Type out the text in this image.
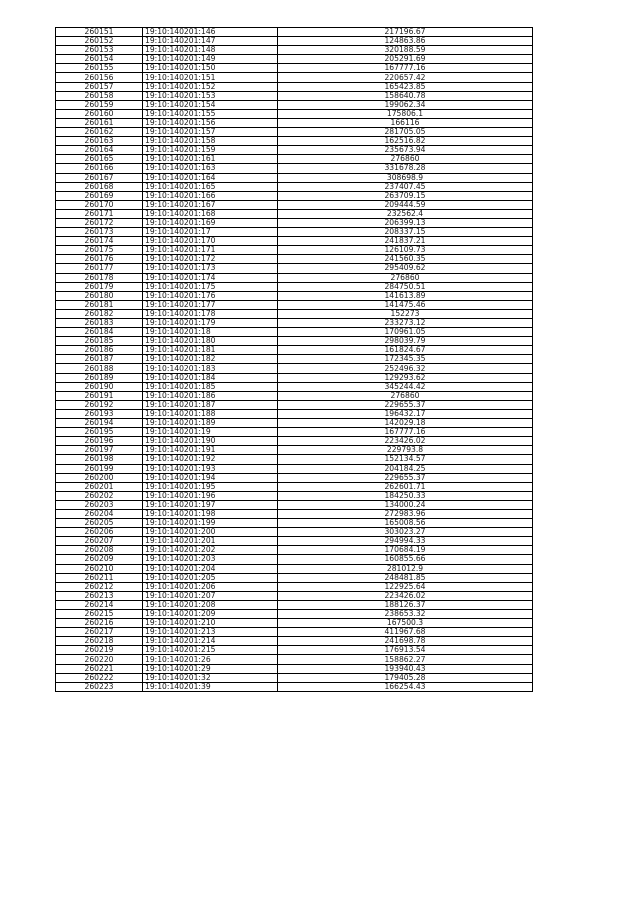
260151	19:10:140201:146	217196.67
260152	19:10:140201:147	124863.86
260153	19:10:140201:148	320188.59
260154	19:10:140201:149	205291.69
260155	19:10:140201:150	167777.16
260156	19:10:140201:151	220657.42
260157	19:10:140201:152	165423.85
260158	19:10:140201:153	158640.78
260159	19:10:140201:154	199062.34
260160	19:10:140201:155	175806.1
260161	19:10:140201:156	166116
260162	19:10:140201:157	281705.05
260163	19:10:140201:158	162516.82
260164	19:10:140201:159	235673.94
260165	19:10:140201:161	276860
260166	19:10:140201:163	331678.28
260167	19:10:140201:164	308698.9
260168	19:10:140201:165	237407.45
260169	19:10:140201:166	263709.15
260170	19:10:140201:167	209444.59
260171	19:10:140201:168	232562.4
260172	19:10:140201:169	206399.13
260173	19:10:140201:17	208337.15
260174	19:10:140201:170	241837.21
260175	19:10:140201:171	126109.73
260176	19:10:140201:172	241560.35
260177	19:10:140201:173	295409.62
260178	19:10:140201:174	276860
260179	19:10:140201:175	284750.51
260180	19:10:140201:176	141613.89
260181	19:10:140201:177	141475.46
260182	19:10:140201:178	152273
260183	19:10:140201:179	233273.12
260184	19:10:140201:18	170961.05
260185	19:10:140201:180	298039.79
260186	19:10:140201:181	161824.67
260187	19:10:140201:182	172345.35
260188	19:10:140201:183	252496.32
260189	19:10:140201:184	129293.62
260190	19:10:140201:185	345244.42
260191	19:10:140201:186	276860
260192	19:10:140201:187	229655.37
260193	19:10:140201:188	196432.17
260194	19:10:140201:189	142029.18
260195	19:10:140201:19	167777.16
260196	19:10:140201:190	223426.02
260197	19:10:140201:191	229793.8
260198	19:10:140201:192	152134.57
260199	19:10:140201:193	204184.25
260200	19:10:140201:194	229655.37
260201	19:10:140201:195	262601.71
260202	19:10:140201:196	184250.33
260203	19:10:140201:197	134000.24
260204	19:10:140201:198	272983.96
260205	19:10:140201:199	165008.56
260206	19:10:140201:200	303023.27
260207	19:10:140201:201	294994.33
260208	19:10:140201:202	170684.19
260209	19:10:140201:203	160855.66
260210	19:10:140201:204	281012.9
260211	19:10:140201:205	248481.85
260212	19:10:140201:206	122925.64
260213	19:10:140201:207	223426.02
260214	19:10:140201:208	188126.37
260215	19:10:140201:209	238653.32
260216	19:10:140201:210	167500.3
260217	19:10:140201:213	411967.68
260218	19:10:140201:214	241698.78
260219	19:10:140201:215	176913.54
260220	19:10:140201:26	158862.27
260221	19:10:140201:29	193940.43
260222	19:10:140201:32	179405.28
260223	19:10:140201:39	166254.43
